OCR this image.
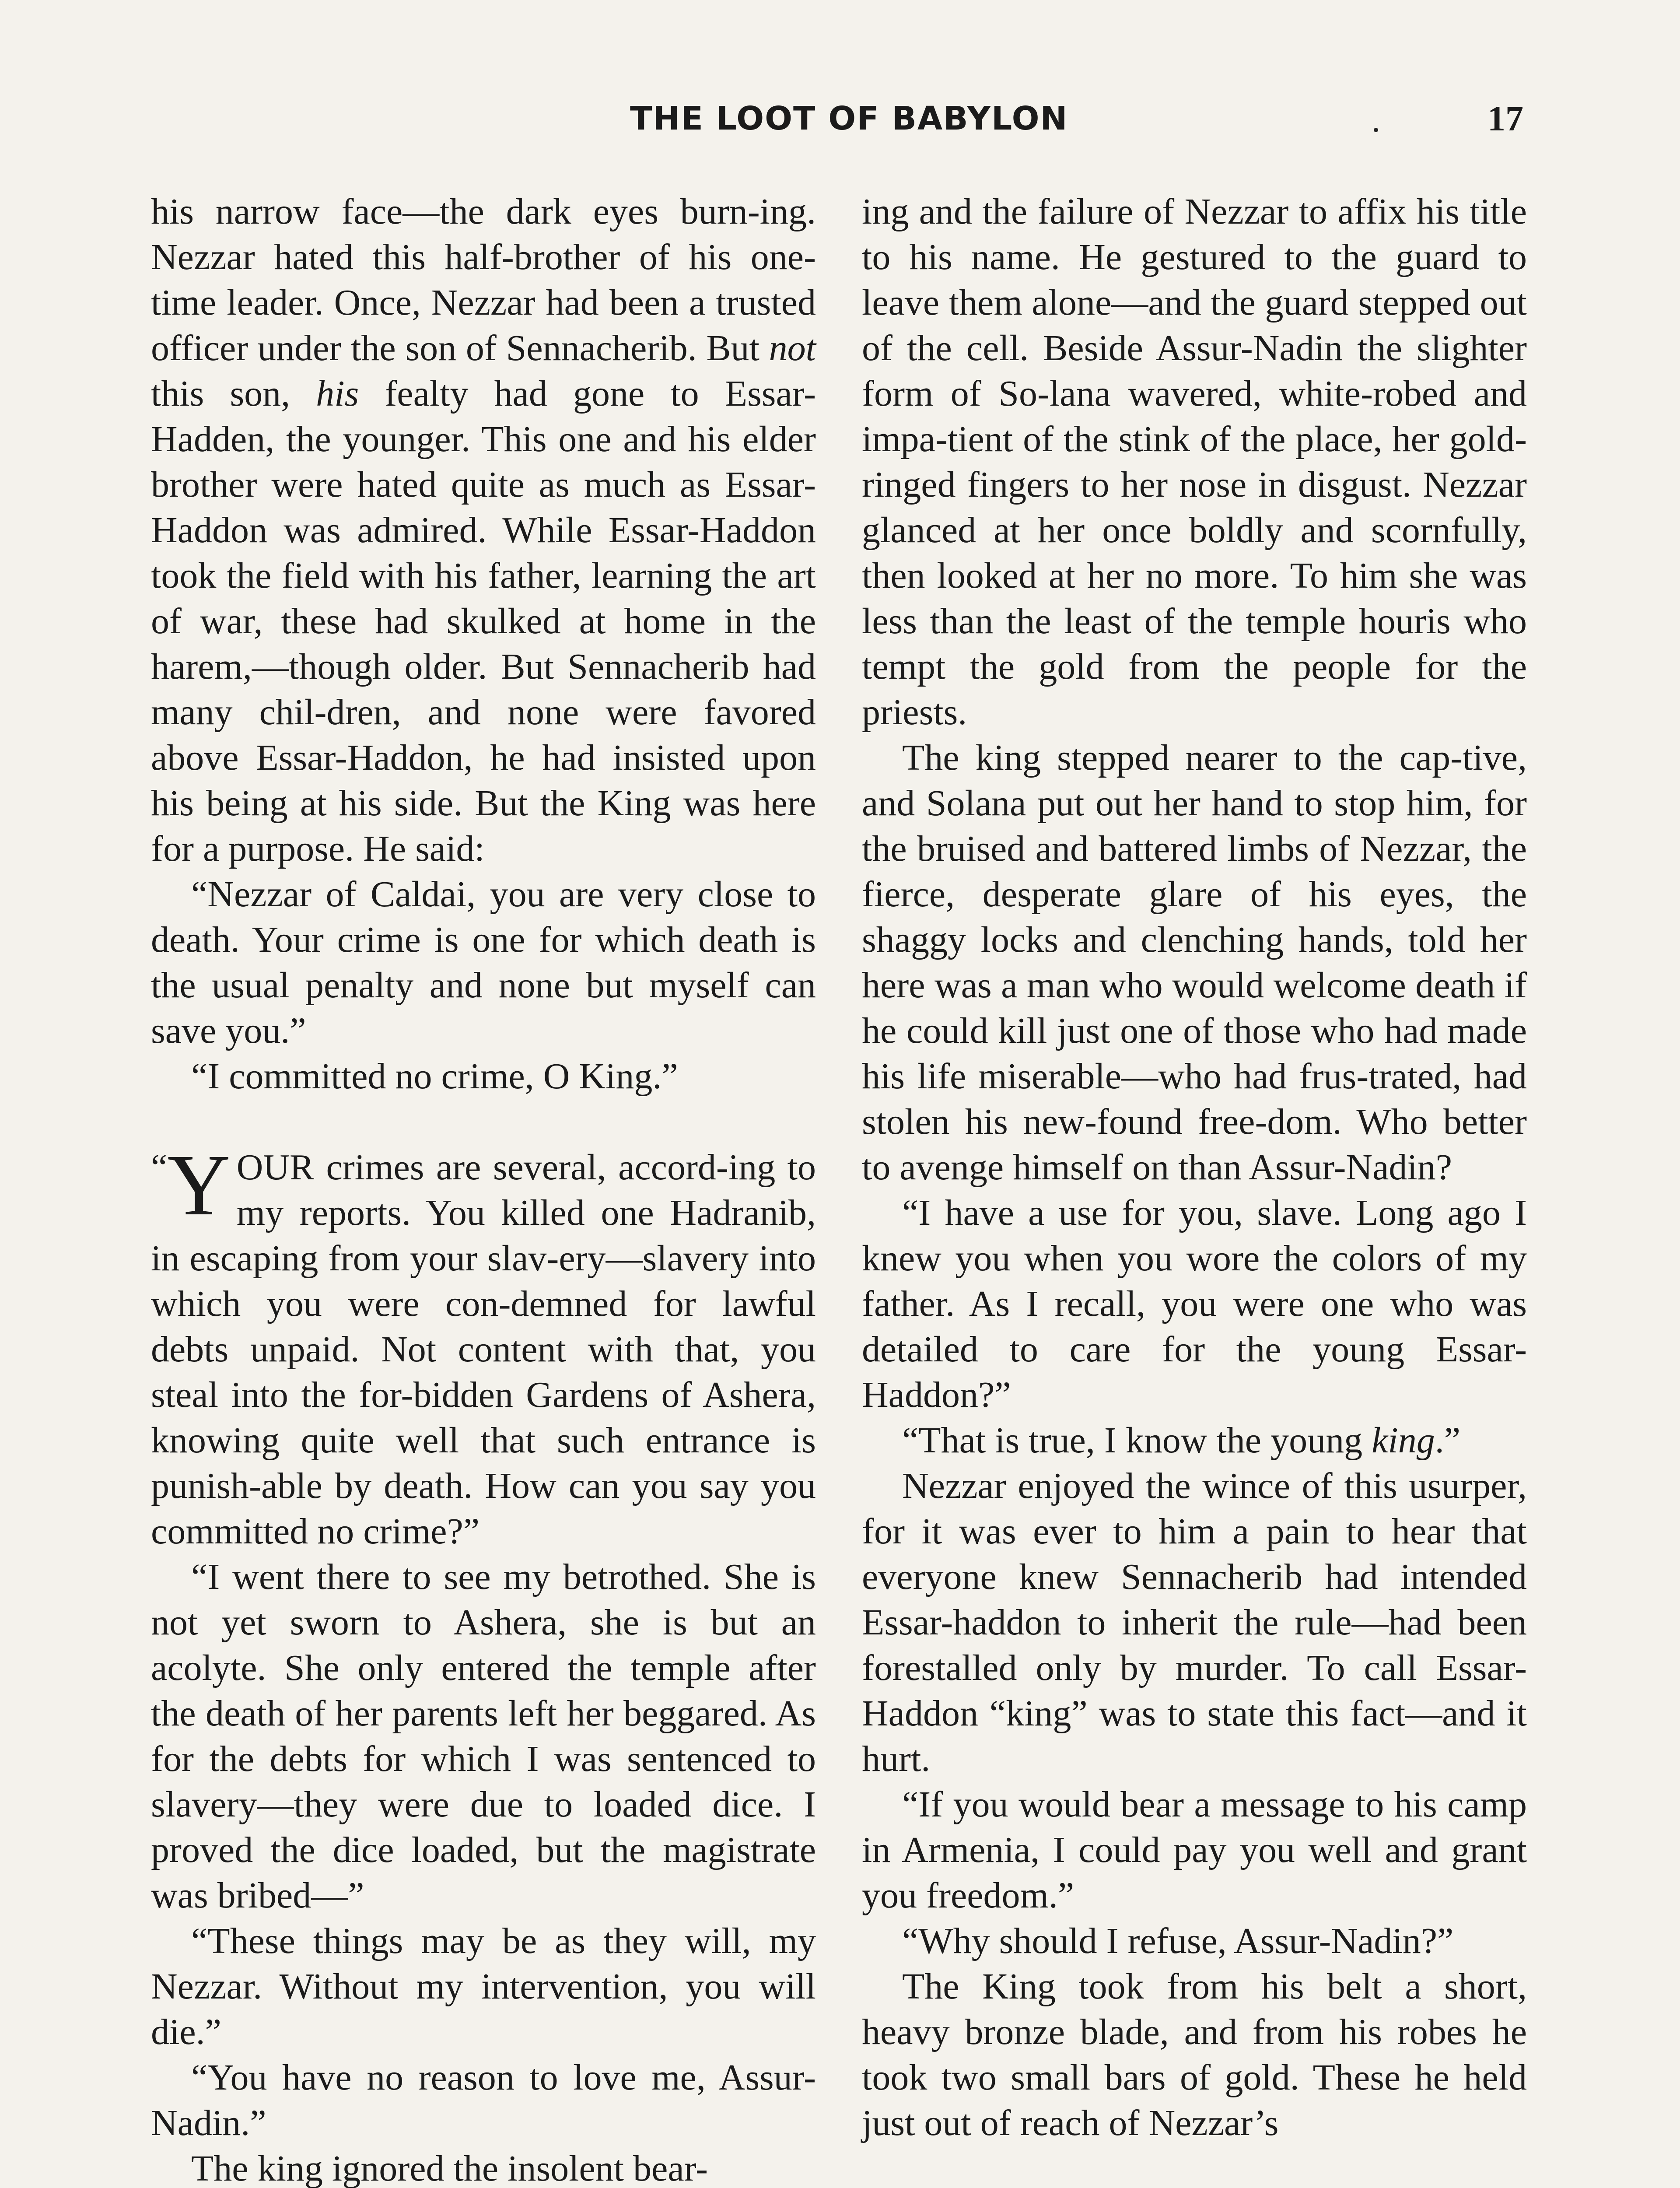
THE LOOT OF BABYLON	17

his narrow face—the dark eyes burn-ing. Nezzar hated this half-brother of his one-time leader. Once, Nezzar had been a trusted officer under the son of Sennacherib. But not this son, his fealty had gone to Essar-Hadden, the younger. This one and his elder brother were hated quite as much as Essar-Haddon was admired. While Essar-Haddon took the field with his father, learning the art of war, these had skulked at home in the harem,—though older. But Sennacherib had many chil-dren, and none were favored above Essar-Haddon, he had insisted upon his being at his side. But the King was here for a purpose. He said:

“Nezzar of Caldai, you are very close to death. Your crime is one for which death is the usual penalty and none but myself can save you.”

“I committed no crime, O King.”

“ Y OUR crimes are several, accord-ing to my reports. You killed one Hadranib, in escaping from your slav-ery—slavery into which you were con-demned for lawful debts unpaid. Not content with that, you steal into the for-bidden Gardens of Ashera, knowing quite well that such entrance is punish-able by death. How can you say you committed no crime?”

“I went there to see my betrothed. She is not yet sworn to Ashera, she is but an acolyte. She only entered the temple after the death of her parents left her beggared. As for the debts for which I was sentenced to slavery—they were due to loaded dice. I proved the dice loaded, but the magistrate was bribed—”

“These things may be as they will, my Nezzar. Without my intervention, you will die.”

“You have no reason to love me, Assur-Nadin.”

The king ignored the insolent bear-

ing and the failure of Nezzar to affix his title to his name. He gestured to the guard to leave them alone—and the guard stepped out of the cell. Beside Assur-Nadin the slighter form of So-lana wavered, white-robed and impa-tient of the stink of the place, her gold-ringed fingers to her nose in disgust. Nezzar glanced at her once boldly and scornfully, then looked at her no more. To him she was less than the least of the temple houris who tempt the gold from the people for the priests.

The king stepped nearer to the cap-tive, and Solana put out her hand to stop him, for the bruised and battered limbs of Nezzar, the fierce, desperate glare of his eyes, the shaggy locks and clenching hands, told her here was a man who would welcome death if he could kill just one of those who had made his life miserable—who had frus-trated, had stolen his new-found free-dom. Who better to avenge himself on than Assur-Nadin?

“I have a use for you, slave. Long ago I knew you when you wore the colors of my father. As I recall, you were one who was detailed to care for the young Essar-Haddon?”

“That is true, I know the young king.”

Nezzar enjoyed the wince of this usurper, for it was ever to him a pain to hear that everyone knew Sennacherib had intended Essar-haddon to inherit the rule—had been forestalled only by murder. To call Essar-Haddon “king” was to state this fact—and it hurt.

“If you would bear a message to his camp in Armenia, I could pay you well and grant you freedom.”

“Why should I refuse, Assur-Nadin?”

The King took from his belt a short, heavy bronze blade, and from his robes he took two small bars of gold. These he held just out of reach of Nezzar’s
